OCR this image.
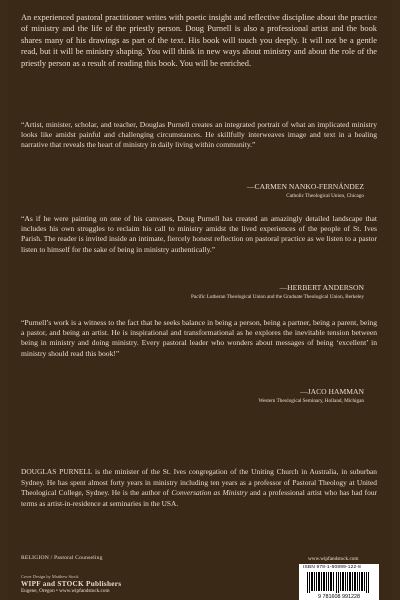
An experienced pastoral practitioner writes with poetic insight and reflective discipline about the practice of ministry and the life of the priestly person. Doug Purnell is also a professional artist and the book shares many of his drawings as part of the text. His book will touch you deeply. It will not be a gentle read, but it will be ministry shaping. You will think in new ways about ministry and about the role of the priestly person as a result of reading this book. You will be enriched.

“Artist, minister, scholar, and teacher, Douglas Purnell creates an integrated portrait of what an implicated ministry looks like amidst painful and challenging circumstances. He skillfully interweaves image and text in a healing narrative that reveals the heart of ministry in daily living within community.”

—CARMEN NANKO-FERNÁNDEZ
Catholic Theological Union, Chicago

“As if he were painting on one of his canvases, Doug Purnell has created an amazingly detailed landscape that includes his own struggles to reclaim his call to ministry amidst the lived experiences of the people of St. Ives Parish. The reader is invited inside an intimate, fiercely honest reflection on pastoral practice as we listen to a pastor listen to himself for the sake of being in ministry authentically.”

—HERBERT ANDERSON
Pacific Lutheran Theological Union and the Graduate Theological Union, Berkeley

“Purnell’s work is a witness to the fact that he seeks balance in being a person, being a partner, being a parent, being a pastor, and being an artist. He is inspirational and transformational as he explores the inevitable tension between being in ministry and doing ministry. Every pastoral leader who wonders about messages of being ‘excellent’ in ministry should read this book!”

—JACO HAMMAN
Western Theological Seminary, Holland, Michigan

DOUGLAS PURNELL is the minister of the St. Ives congregation of the Uniting Church in Australia, in suburban Sydney. He has spent almost forty years in ministry including ten years as a professor of Pastoral Theology at United Theological College, Sydney. He is the author of Conversation as Ministry and a professional artist who has had four terms as artist-in-residence at seminaries in the USA.

RELIGION / Pastoral Counseling	www.wipfandstock.com
Cover Design by Matthew Stock
WIPF and STOCK Publishers
Eugene, Oregon • www.wipfandstock.com
ISBN 978-1-60899-122-8
9 781608 991228
